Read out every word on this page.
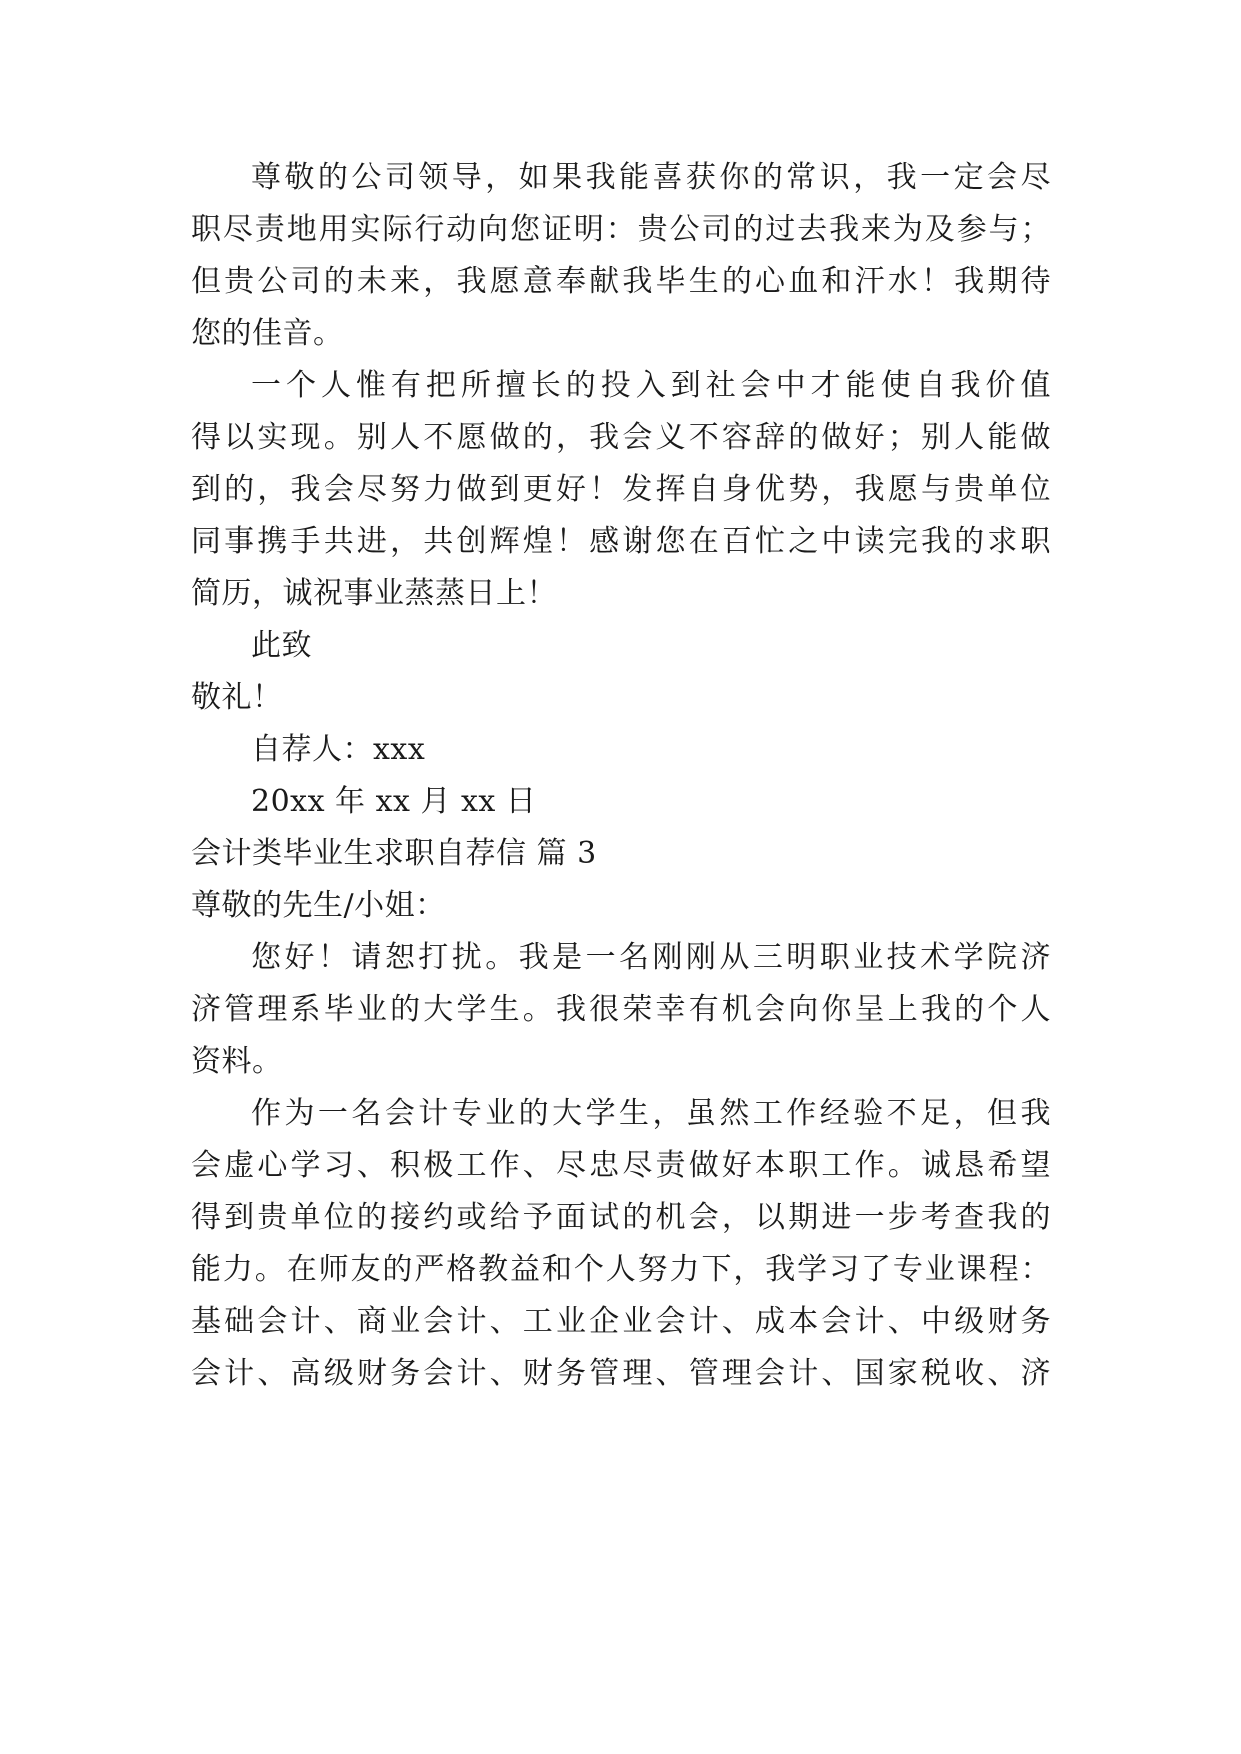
尊敬的公司领导，如果我能喜获你的常识，我一定会尽
职尽责地用实际行动向您证明：贵公司的过去我来为及参与；
但贵公司的未来，我愿意奉献我毕生的心血和汗水！我期待
您的佳音。
一个人惟有把所擅长的投入到社会中才能使自我价值
得以实现。别人不愿做的，我会义不容辞的做好；别人能做
到的，我会尽努力做到更好！发挥自身优势，我愿与贵单位
同事携手共进，共创辉煌！感谢您在百忙之中读完我的求职
简历，诚祝事业蒸蒸日上！
此致
敬礼！
自荐人：xxx
20xx 年 xx 月 xx 日
会计类毕业生求职自荐信 篇 3
尊敬的先生/小姐：
您好！请恕打扰。我是一名刚刚从三明职业技术学院济
济管理系毕业的大学生。我很荣幸有机会向你呈上我的个人
资料。
作为一名会计专业的大学生，虽然工作经验不足，但我
会虚心学习、积极工作、尽忠尽责做好本职工作。诚恳希望
得到贵单位的接约或给予面试的机会，以期进一步考查我的
能力。在师友的严格教益和个人努力下，我学习了专业课程：
基础会计、商业会计、工业企业会计、成本会计、中级财务
会计、高级财务会计、财务管理、管理会计、国家税收、济
